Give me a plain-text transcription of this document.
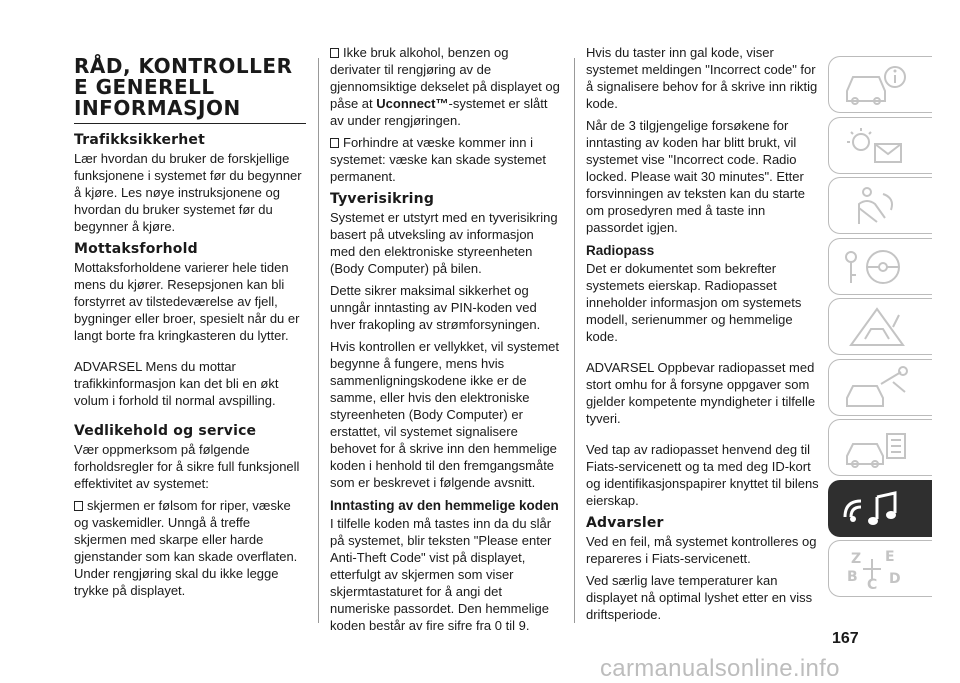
RÅD, KONTROLLER E GENERELL INFORMASJON
Trafikksikkerhet

Lær hvordan du bruker de forskjellige funksjonene i systemet før du begynner å kjøre. Les nøye instruksjonene og hvordan du bruker systemet før du begynner å kjøre.

Mottaksforhold

Mottaksforholdene varierer hele tiden mens du kjører. Resepsjonen kan bli forstyrret av tilstedeværelse av fjell, bygninger eller broer, spesielt når du er langt borte fra kringkasteren du lytter.

ADVARSEL Mens du mottar trafikkinformasjon kan det bli en økt volum i forhold til normal avspilling.

Vedlikehold og service

Vær oppmerksom på følgende forholdsregler for å sikre full funksjonell effektivitet av systemet:

skjermen er følsom for riper, væske og vaskemidler. Unngå å treffe skjermen med skarpe eller harde gjenstander som kan skade overflaten. Under rengjøring skal du ikke legge trykke på displayet.

Ikke bruk alkohol, benzen og derivater til rengjøring av de gjennomsiktige dekselet på displayet og påse at Uconnect™-systemet er slått av under rengjøringen.

Forhindre at væske kommer inn i systemet: væske kan skade systemet permanent.

Tyverisikring

Systemet er utstyrt med en tyverisikring basert på utveksling av informasjon med den elektroniske styreenheten (Body Computer) på bilen.

Dette sikrer maksimal sikkerhet og unngår inntasting av PIN-koden ved hver frakopling av strømforsyningen.

Hvis kontrollen er vellykket, vil systemet begynne å fungere, mens hvis sammenligningskodene ikke er de samme, eller hvis den elektroniske styreenheten (Body Computer) er erstattet, vil systemet signalisere behovet for å skrive inn den hemmelige koden i henhold til den fremgangsmåte som er beskrevet i følgende avsnitt.

Inntasting av den hemmelige koden

I tilfelle koden må tastes inn da du slår på systemet, blir teksten "Please enter Anti-Theft Code" vist på displayet, etterfulgt av skjermen som viser skjermtastaturet for å angi det numeriske passordet. Den hemmelige koden består av fire sifre fra 0 til 9.

Hvis du taster inn gal kode, viser systemet meldingen "Incorrect code" for å signalisere behov for å skrive inn riktig kode.

Når de 3 tilgjengelige forsøkene for inntasting av koden har blitt brukt, vil systemet vise "Incorrect code. Radio locked. Please wait 30 minutes". Etter forsvinningen av teksten kan du starte om prosedyren med å taste inn passordet igjen.

Radiopass

Det er dokumentet som bekrefter systemets eierskap. Radiopasset inneholder informasjon om systemets modell, serienummer og hemmelige kode.

ADVARSEL Oppbevar radiopasset med stort omhu for å forsyne oppgaver som gjelder kompetente myndigheter i tilfelle tyveri.

Ved tap av radiopasset henvend deg til Fiats-servicenett og ta med deg ID-kort og identifikasjonspapirer knyttet til bilens eierskap.

Advarsler

Ved en feil, må systemet kontrolleres og repareres i Fiats-servicenett.

Ved særlig lave temperaturer kan displayet nå optimal lyshet etter en viss driftsperiode.

Z E
B C D
167
carmanualsonline.info
